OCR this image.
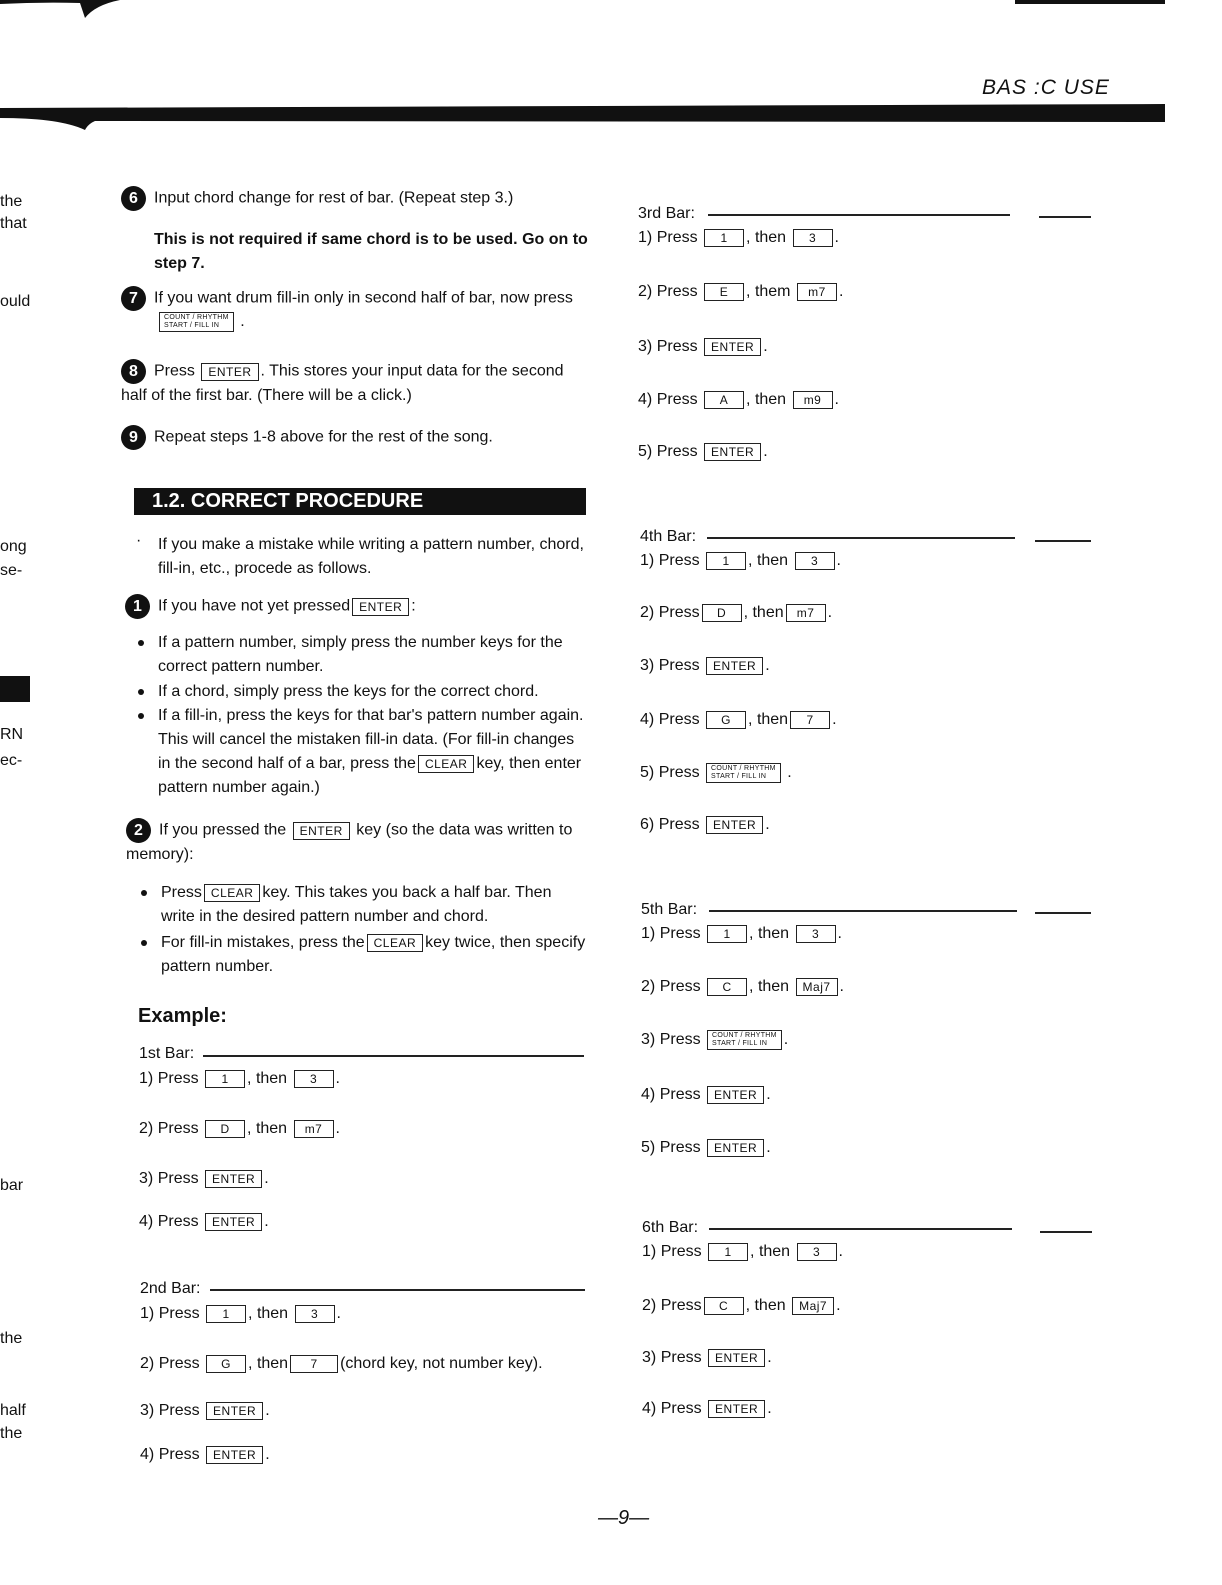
BAS :C USE
the
that
ould
ong
se-
RN
ec-
bar
the
half
the
6 Input chord change for rest of bar. (Repeat step 3.)
This is not required if same chord is to be used. Go on to step 7.
7 If you want drum fill-in only in second half of bar, now press
COUNT / RHYTHM
START / FILL IN .
8 Press ENTER . This stores your input data for the second half of the first bar. (There will be a click.)
9 Repeat steps 1-8 above for the rest of the song.
1.2. CORRECT PROCEDURE
·	If you make a mistake while writing a pattern number, chord, fill-in, etc., procede as follows.
1 If you have not yet pressed ENTER :
If a pattern number, simply press the number keys for the correct pattern number.
If a chord, simply press the keys for the correct chord.
If a fill-in, press the keys for that bar's pattern number again. This will cancel the mistaken fill-in data. (For fill-in changes in the second half of a bar, press the CLEAR key, then enter pattern number again.)
2 If you pressed the ENTER key (so the data was written to memory):
Press CLEAR key. This takes you back a half bar. Then write in the desired pattern number and chord.
For fill-in mistakes, press the CLEAR key twice, then specify pattern number.
Example:
1st Bar:
1) Press 1 , then 3 .
2) Press D , then m7 .
3) Press ENTER .
4) Press ENTER .
2nd Bar:
1) Press 1 , then 3 .
2) Press G , then 7 (chord key, not number key).
3) Press ENTER .
4) Press ENTER .
3rd Bar:
1) Press 1 , then 3 .
2) Press E , them m7 .
3) Press ENTER .
4) Press A , then m9 .
5) Press ENTER .
4th Bar:
1) Press 1 , then 3 .
2) Press D , then m7 .
3) Press ENTER .
4) Press G , then 7 .
5) Press COUNT / RHYTHM
START / FILL IN .
6) Press ENTER .
5th Bar:
1) Press 1 , then 3 .
2) Press C , then Maj7 .
3) Press COUNT / RHYTHM
START / FILL IN .
4) Press ENTER .
5) Press ENTER .
6th Bar:
1) Press 1 , then 3 .
2) Press C , then Maj7 .
3) Press ENTER .
4) Press ENTER .
—9—
